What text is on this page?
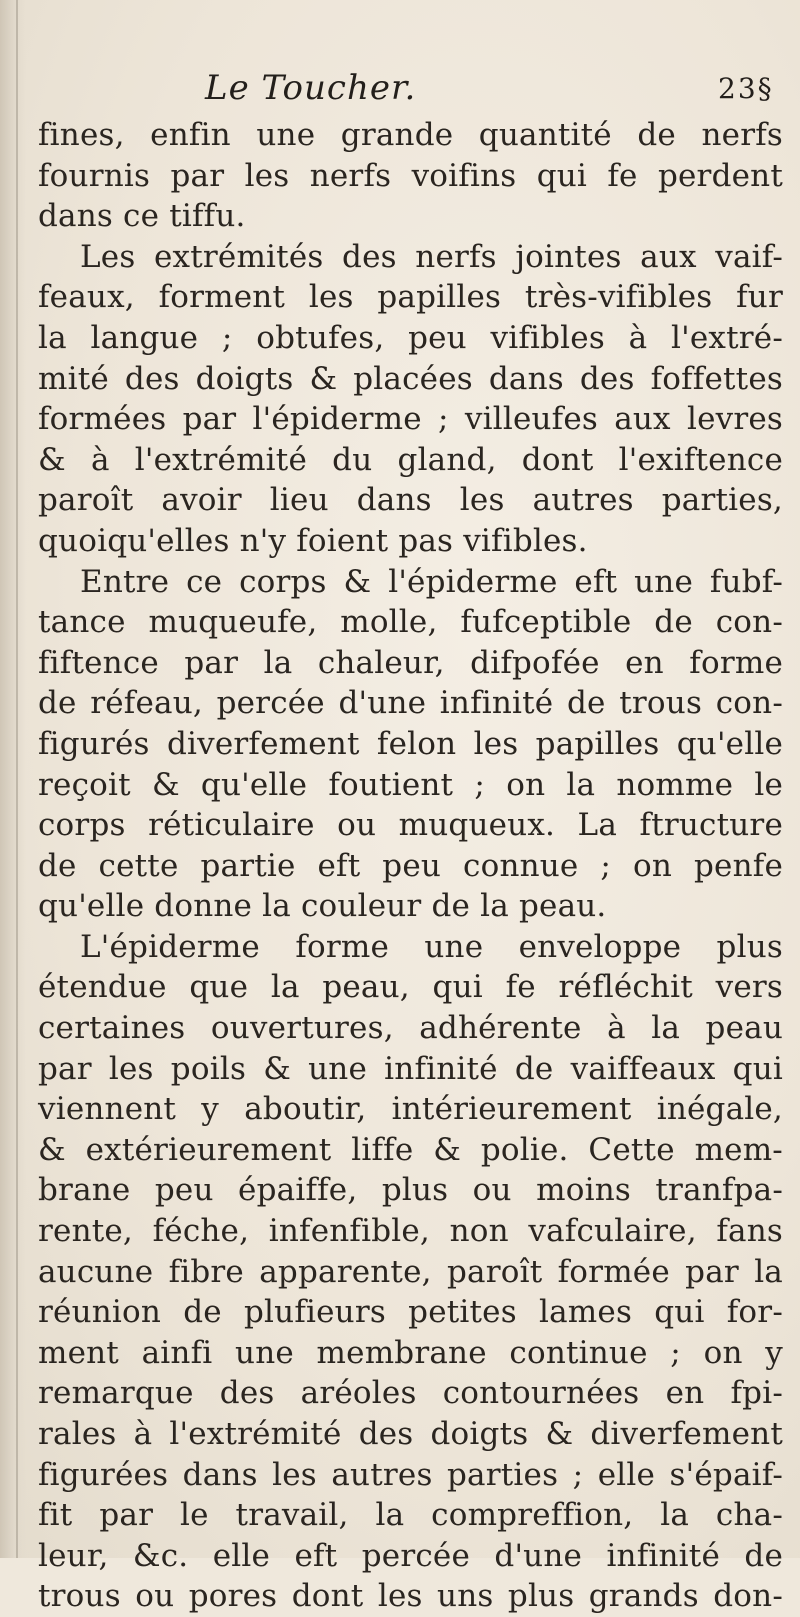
Le Toucher.	23§
fines, enfin une grande quantité de nerfs
fournis par les nerfs voifins qui fe perdent
dans ce tiffu.
Les extrémités des nerfs jointes aux vaif-
feaux, forment les papilles très-vifibles fur
la langue ; obtufes, peu vifibles à l'extré-
mité des doigts & placées dans des foffettes
formées par l'épiderme ; villeufes aux levres
& à l'extrémité du gland, dont l'exiftence
paroît avoir lieu dans les autres parties,
quoiqu'elles n'y foient pas vifibles.
Entre ce corps & l'épiderme eft une fubf-
tance muqueufe, molle, fufceptible de con-
fiftence par la chaleur, difpofée en forme
de réfeau, percée d'une infinité de trous con-
figurés diverfement felon les papilles qu'elle
reçoit & qu'elle foutient ; on la nomme le
corps réticulaire ou muqueux. La ftructure
de cette partie eft peu connue ; on penfe
qu'elle donne la couleur de la peau.
L'épiderme forme une enveloppe plus
étendue que la peau, qui fe réfléchit vers
certaines ouvertures, adhérente à la peau
par les poils & une infinité de vaiffeaux qui
viennent y aboutir, intérieurement inégale,
& extérieurement liffe & polie. Cette mem-
brane peu épaiffe, plus ou moins tranfpa-
rente, féche, infenfible, non vafculaire, fans
aucune fibre apparente, paroît formée par la
réunion de plufieurs petites lames qui for-
ment ainfi une membrane continue ; on y
remarque des aréoles contournées en fpi-
rales à l'extrémité des doigts & diverfement
figurées dans les autres parties ; elle s'épaif-
fit par le travail, la compreffion, la cha-
leur, &c. elle eft percée d'une infinité de
trous ou pores dont les uns plus grands don-
